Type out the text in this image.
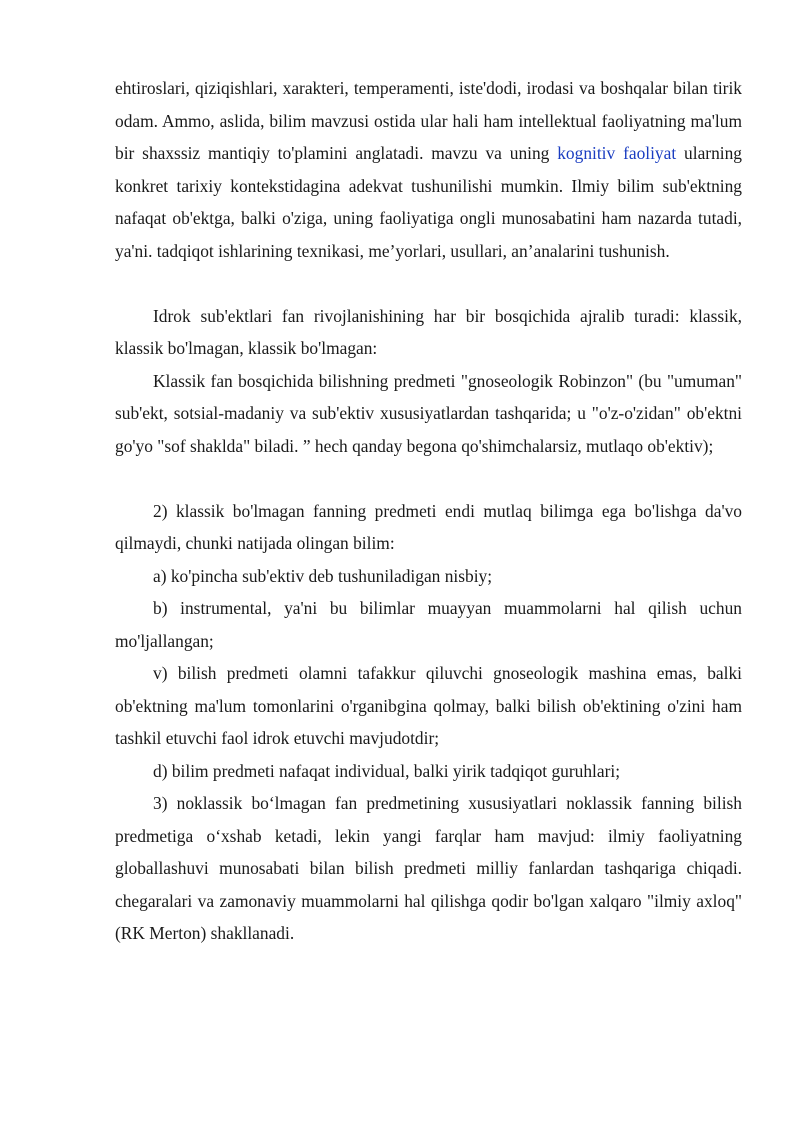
ehtiroslari, qiziqishlari, xarakteri, temperamenti, iste'dodi, irodasi va boshqalar bilan tirik odam. Ammo, aslida, bilim mavzusi ostida ular hali ham intellektual faoliyatning ma'lum bir shaxssiz mantiqiy to'plamini anglatadi. mavzu va uning kognitiv faoliyat ularning konkret tarixiy kontekstidagina adekvat tushunilishi mumkin. Ilmiy bilim sub'ektning nafaqat ob'ektga, balki o'ziga, uning faoliyatiga ongli munosabatini ham nazarda tutadi, ya'ni. tadqiqot ishlarining texnikasi, me’yorlari, usullari, an’analarini tushunish.

Idrok sub'ektlari fan rivojlanishining har bir bosqichida ajralib turadi: klassik, klassik bo'lmagan, klassik bo'lmagan:

Klassik fan bosqichida bilishning predmeti "gnoseologik Robinzon" (bu "umuman" sub'ekt, sotsial-madaniy va sub'ektiv xususiyatlardan tashqarida; u "o'z-o'zidan" ob'ektni go'yo "sof shaklda" biladi. ” hech qanday begona qo'shimchalarsiz, mutlaqo ob'ektiv);

2) klassik bo'lmagan fanning predmeti endi mutlaq bilimga ega bo'lishga da'vo qilmaydi, chunki natijada olingan bilim:

a) ko'pincha sub'ektiv deb tushuniladigan nisbiy;

b) instrumental, ya'ni bu bilimlar muayyan muammolarni hal qilish uchun mo'ljallangan;

v) bilish predmeti olamni tafakkur qiluvchi gnoseologik mashina emas, balki ob'ektning ma'lum tomonlarini o'rganibgina qolmay, balki bilish ob'ektining o'zini ham tashkil etuvchi faol idrok etuvchi mavjudotdir;

d) bilim predmeti nafaqat individual, balki yirik tadqiqot guruhlari;

3) noklassik bo‘lmagan fan predmetining xususiyatlari noklassik fanning bilish predmetiga o‘xshab ketadi, lekin yangi farqlar ham mavjud: ilmiy faoliyatning globallashuvi munosabati bilan bilish predmeti milliy fanlardan tashqariga chiqadi. chegaralari va zamonaviy muammolarni hal qilishga qodir bo'lgan xalqaro "ilmiy axloq" (RK Merton) shakllanadi.
